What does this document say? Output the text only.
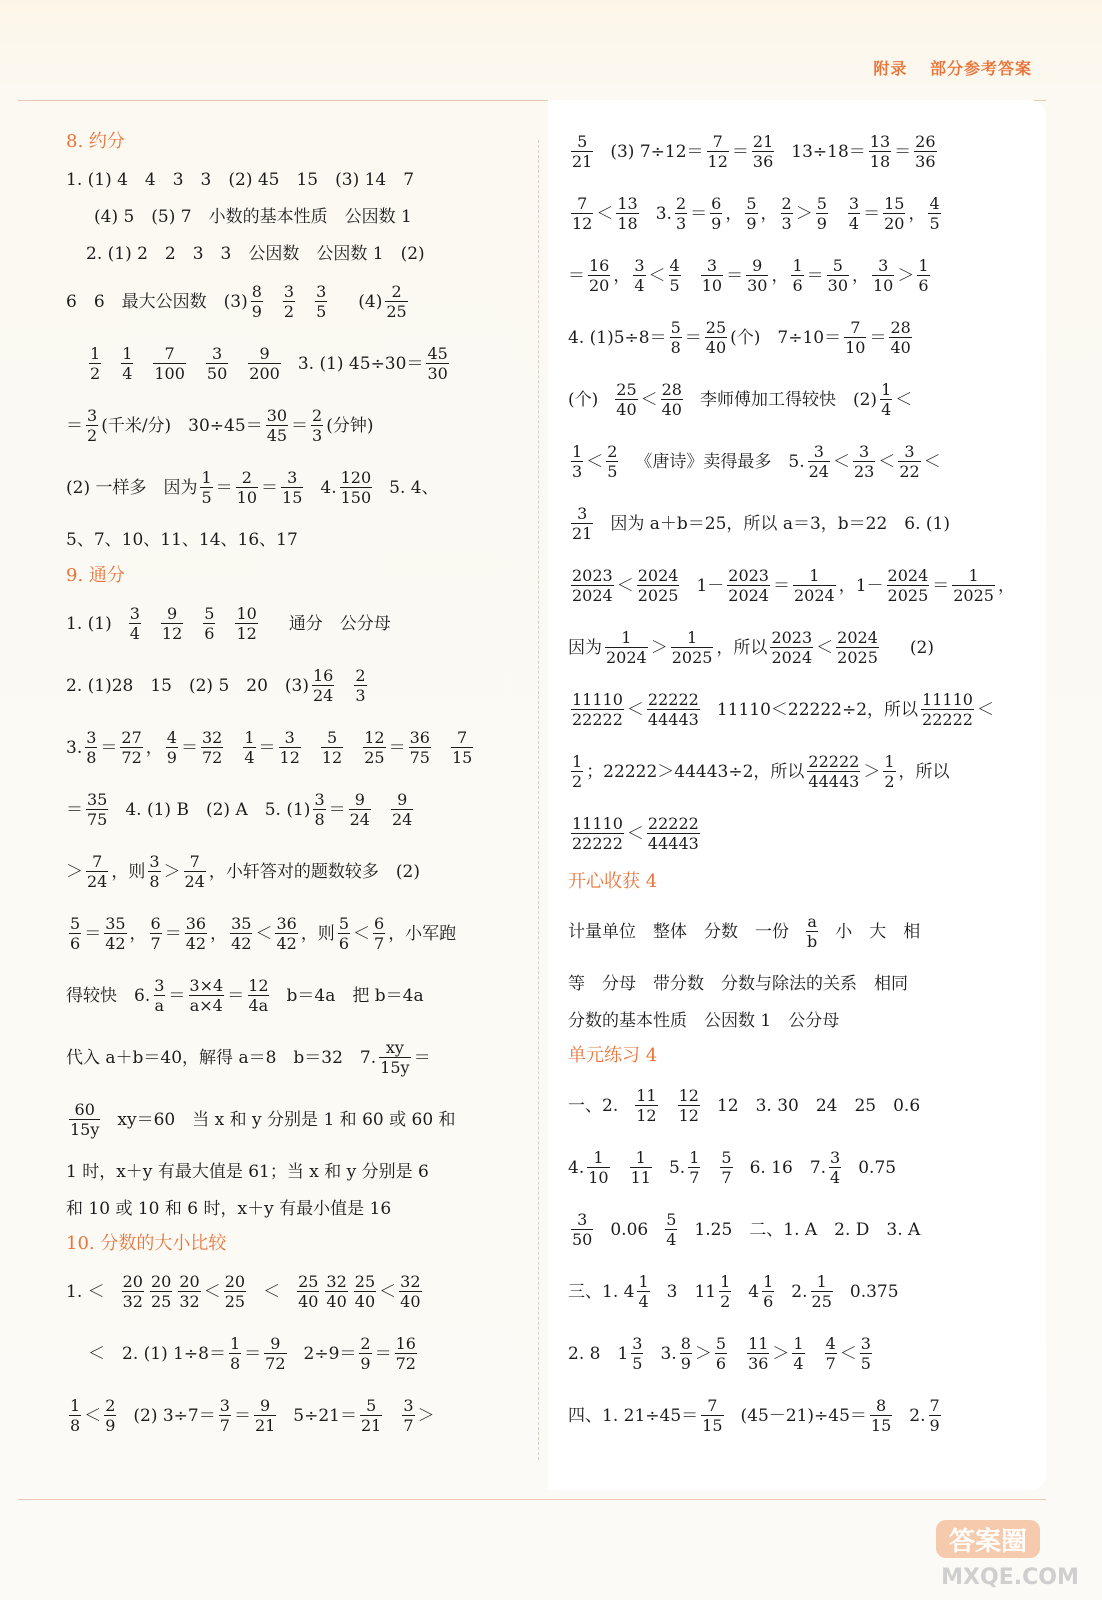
附录 部分参考答案
8. 约分
1. (1) 4　4　3　3　(2) 45　15　(3) 14　7
(4) 5　(5) 7　小数的基本性质　公因数 1
2. (1) 2　2　3　3　公因数　公因数 1　(2)
6　6　最大公因数　$(3) \frac{8}{9} \frac{3}{2} \frac{3}{5} (4) \frac{2}{25}$
$\frac{1}{2} \frac{1}{4} \frac{7}{100} \frac{3}{50} \frac{9}{200} 3$. (1) $45\div 30= \frac{45}{30}$
＝ $\frac{3}{2}$ (千米/分)　$30\div 45= \frac{30}{45} = \frac{2}{3}$ (分钟)
(2) 一样多　因为 $\frac{1}{5} = \frac{2}{10} = \frac{3}{15} 4$. $\frac{120}{150} 5$. 4、
5、7、10、11、14、16、17
9. 通分
1. $(1) \frac{3}{4} \frac{9}{12} \frac{5}{6} \frac{10}{12}$ 通分　公分母
2. (1)28　15　(2) 5　20　$(3) \frac{16}{24} \frac{2}{3}$
3. $\frac{3}{8} = \frac{27}{72}$ ， $\frac{4}{9} = \frac{32}{72} \frac{1}{4} = \frac{3}{12} \frac{5}{12} \frac{12}{25} = \frac{36}{75} \frac{7}{15}$
＝ $\frac{35}{75} 4$. (1) B　(2) A　5. $(1) \frac{3}{8} = \frac{9}{24} \frac{9}{24}$
＞ $\frac{7}{24}$ ，则 $\frac{3}{8} > \frac{7}{24}$ ，小轩答对的题数较多　(2)
$\frac{5}{6} = \frac{35}{42}$ ， $\frac{6}{7} = \frac{36}{42}$ ， $\frac{35}{42} < \frac{36}{42}$ ，则 $\frac{5}{6} < \frac{6}{7}$ ，小军跑
得较快　6. $\frac{3}{a} = \frac{3\times 4}{a\times 4} = \frac{12}{4a} b=4a$　把 b＝4a
代入 a＋b＝40，解得 a＝8　b＝32　7. $\frac{xy}{15y}$ ＝
$\frac{60}{15y} xy=60$　当 x 和 y 分别是 1 和 60 或 60 和
1 时，x＋y 有最大值是 61；当 x 和 y 分别是 6
和 10 或 10 和 6 时，x＋y 有最小值是 16
10. 分数的大小比较
1. ＜ $\frac{20}{32} \frac{20}{25} \frac{20}{32} < \frac{20}{25} < \frac{25}{40} \frac{32}{40} \frac{25}{40} < \frac{32}{40}$
＜　2. (1) $1\div 8= \frac{1}{8} = \frac{9}{72} 2\div 9= \frac{2}{9} = \frac{16}{72}$
$\frac{1}{8} < \frac{2}{9} (2)$ $3\div 7= \frac{3}{7} = \frac{9}{21} 5\div 21= \frac{5}{21} \frac{3}{7}$ ＞
$\frac{5}{21} (3)$ $7\div 12= \frac{7}{12} = \frac{21}{36} 13\div 18= \frac{13}{18} = \frac{26}{36}$
$\frac{7}{12} < \frac{13}{18} 3$. $\frac{2}{3} = \frac{6}{9}$ ， $\frac{5}{9}$ ， $\frac{2}{3} > \frac{5}{9} \frac{3}{4} = \frac{15}{20}$ ， $\frac{4}{5}$
＝ $\frac{16}{20}$ ， $\frac{3}{4} < \frac{4}{5} \frac{3}{10} = \frac{9}{30}$ ， $\frac{1}{6} = \frac{5}{30}$ ， $\frac{3}{10} > \frac{1}{6}$
4. $(1)5\div 8= \frac{5}{8} = \frac{25}{40}$ (个)　$7\div 10= \frac{7}{10} = \frac{28}{40}$
(个) $\frac{25}{40} < \frac{28}{40}$ 李师傅加工得较快　$(2) \frac{1}{4}$ ＜
$\frac{1}{3} < \frac{2}{5}$ 《唐诗》卖得最多　5. $\frac{3}{24} < \frac{3}{23} < \frac{3}{22}$ ＜
$\frac{3}{21}$ 因为 a＋b＝25，所以 a＝3，b＝22　6. (1)
$\frac{2023}{2024} < \frac{2024}{2025} 1- \frac{2023}{2024} = \frac{1}{2024}$ ，$1- \frac{2024}{2025} = \frac{1}{2025}$ ，
因为 $\frac{1}{2024} > \frac{1}{2025}$ ，所以 $\frac{2023}{2024} < \frac{2024}{2025} (2)$
$\frac{11110}{22222} < \frac{22222}{44443} 11110<22222\div 2$，所以 $\frac{11110}{22222}$ ＜
$\frac{1}{2}$ ；22222＞44443÷2，所以 $\frac{22222}{44443} > \frac{1}{2}$ ，所以
$\frac{11110}{22222} < \frac{22222}{44443}$
开心收获 4
计量单位　整体　分数　一份 $\frac{a}{b}$ 小　大　相
等　分母　带分数　分数与除法的关系　相同
分数的基本性质　公因数 1　公分母
单元练习 4
一、2. $\frac{11}{12} \frac{12}{12} 12$　3. 30　24　25　0.6
4. $\frac{1}{10} \frac{1}{11} 5$. $\frac{1}{7} \frac{5}{7} 6$. 16　7. $\frac{3}{4} 0.75$
$\frac{3}{50} 0.06 \frac{5}{4} 1.25$　二、1. A　2. D　3. A
三、1. $4 \frac{1}{4} 3$　$11 \frac{1}{2} 4 \frac{1}{6} 2$. $\frac{1}{25} 0.375$
2. 8　$1 \frac{3}{5} 3$. $\frac{8}{9} > \frac{5}{6} \frac{11}{36} > \frac{1}{4} \frac{4}{7} < \frac{3}{5}$
四、1. $21\div 45= \frac{7}{15} (45-21)\div 45= \frac{8}{15} 2$. $\frac{7}{9}$
答案圈
MXQE.COM
